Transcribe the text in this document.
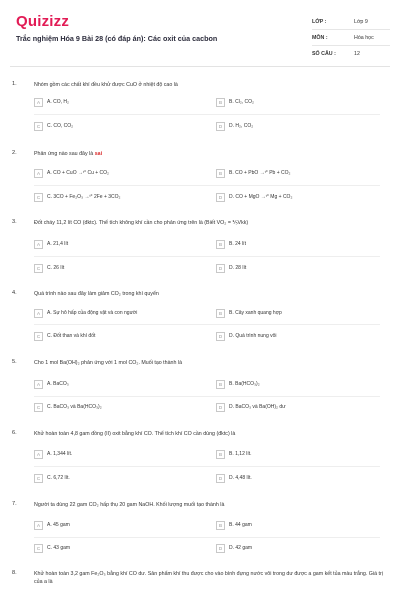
Quizizz
Trắc nghiệm Hóa 9 Bài 28 (có đáp án): Các oxit của cacbon
LỚP :	Lớp 9
MÔN :	Hóa học
SỐ CÂU :	12
1.	Nhóm gồm các chất khí đều khử được CuO ở nhiệt độ cao là
A	A. CO, H₂	B	B. Cl₂, CO₂
C	C. CO, CO₂	D	D. H₂, CO₂
2.	Phản ứng nào sau đây là sai
A	A. CO + CuO →ᵗ° Cu + CO₂	B	B. CO + PbO →ᵗ° Pb + CO₂
C	C. 3CO + Fe₂O₃ →ᵗ° 2Fe + 3CO₂	D	D. CO + MgO →ᵗ° Mg + CO₂
3.	Đốt cháy 11,2 lít CO (đktc). Thể tích không khí cần cho phản ứng trên là (Biết VO₂ = ⅕Vkk)
A	A. 21,4 lít	B	B. 24 lít
C	C. 26 lít	D	D. 28 lít
4.	Quá trình nào sau đây làm giảm CO₂ trong khí quyển
A	A. Sự hô hấp của động vật và con người	B	B. Cây xanh quang hợp
C	C. Đốt than và khí đốt	D	D. Quá trình nung vôi
5.	Cho 1 mol Ba(OH)₂ phản ứng với 1 mol CO₂. Muối tạo thành là
A	A. BaCO₃	B	B. Ba(HCO₃)₂
C	C. BaCO₃ và Ba(HCO₃)₂	D	D. BaCO₃ và Ba(OH)₂ dư
6.	Khử hoàn toàn 4,8 gam đồng (II) oxit bằng khí CO. Thể tích khí CO cần dùng (đktc) là
A	A. 1,344 lít.	B	B. 1,12 lít.
C	C. 6,72 lít.	D	D. 4,48 lít.
7.	Người ta dùng 22 gam CO₂ hấp thụ 20 gam NaOH. Khối lượng muối tạo thành là
A	A. 45 gam	B	B. 44 gam
C	C. 43 gam	D	D. 42 gam
8.	Khử hoàn toàn 3,2 gam Fe₂O₃ bằng khí CO dư. Sản phẩm khí thu được cho vào bình đựng nước vôi trong dư được a gam kết tủa màu trắng. Giá trị của a là
